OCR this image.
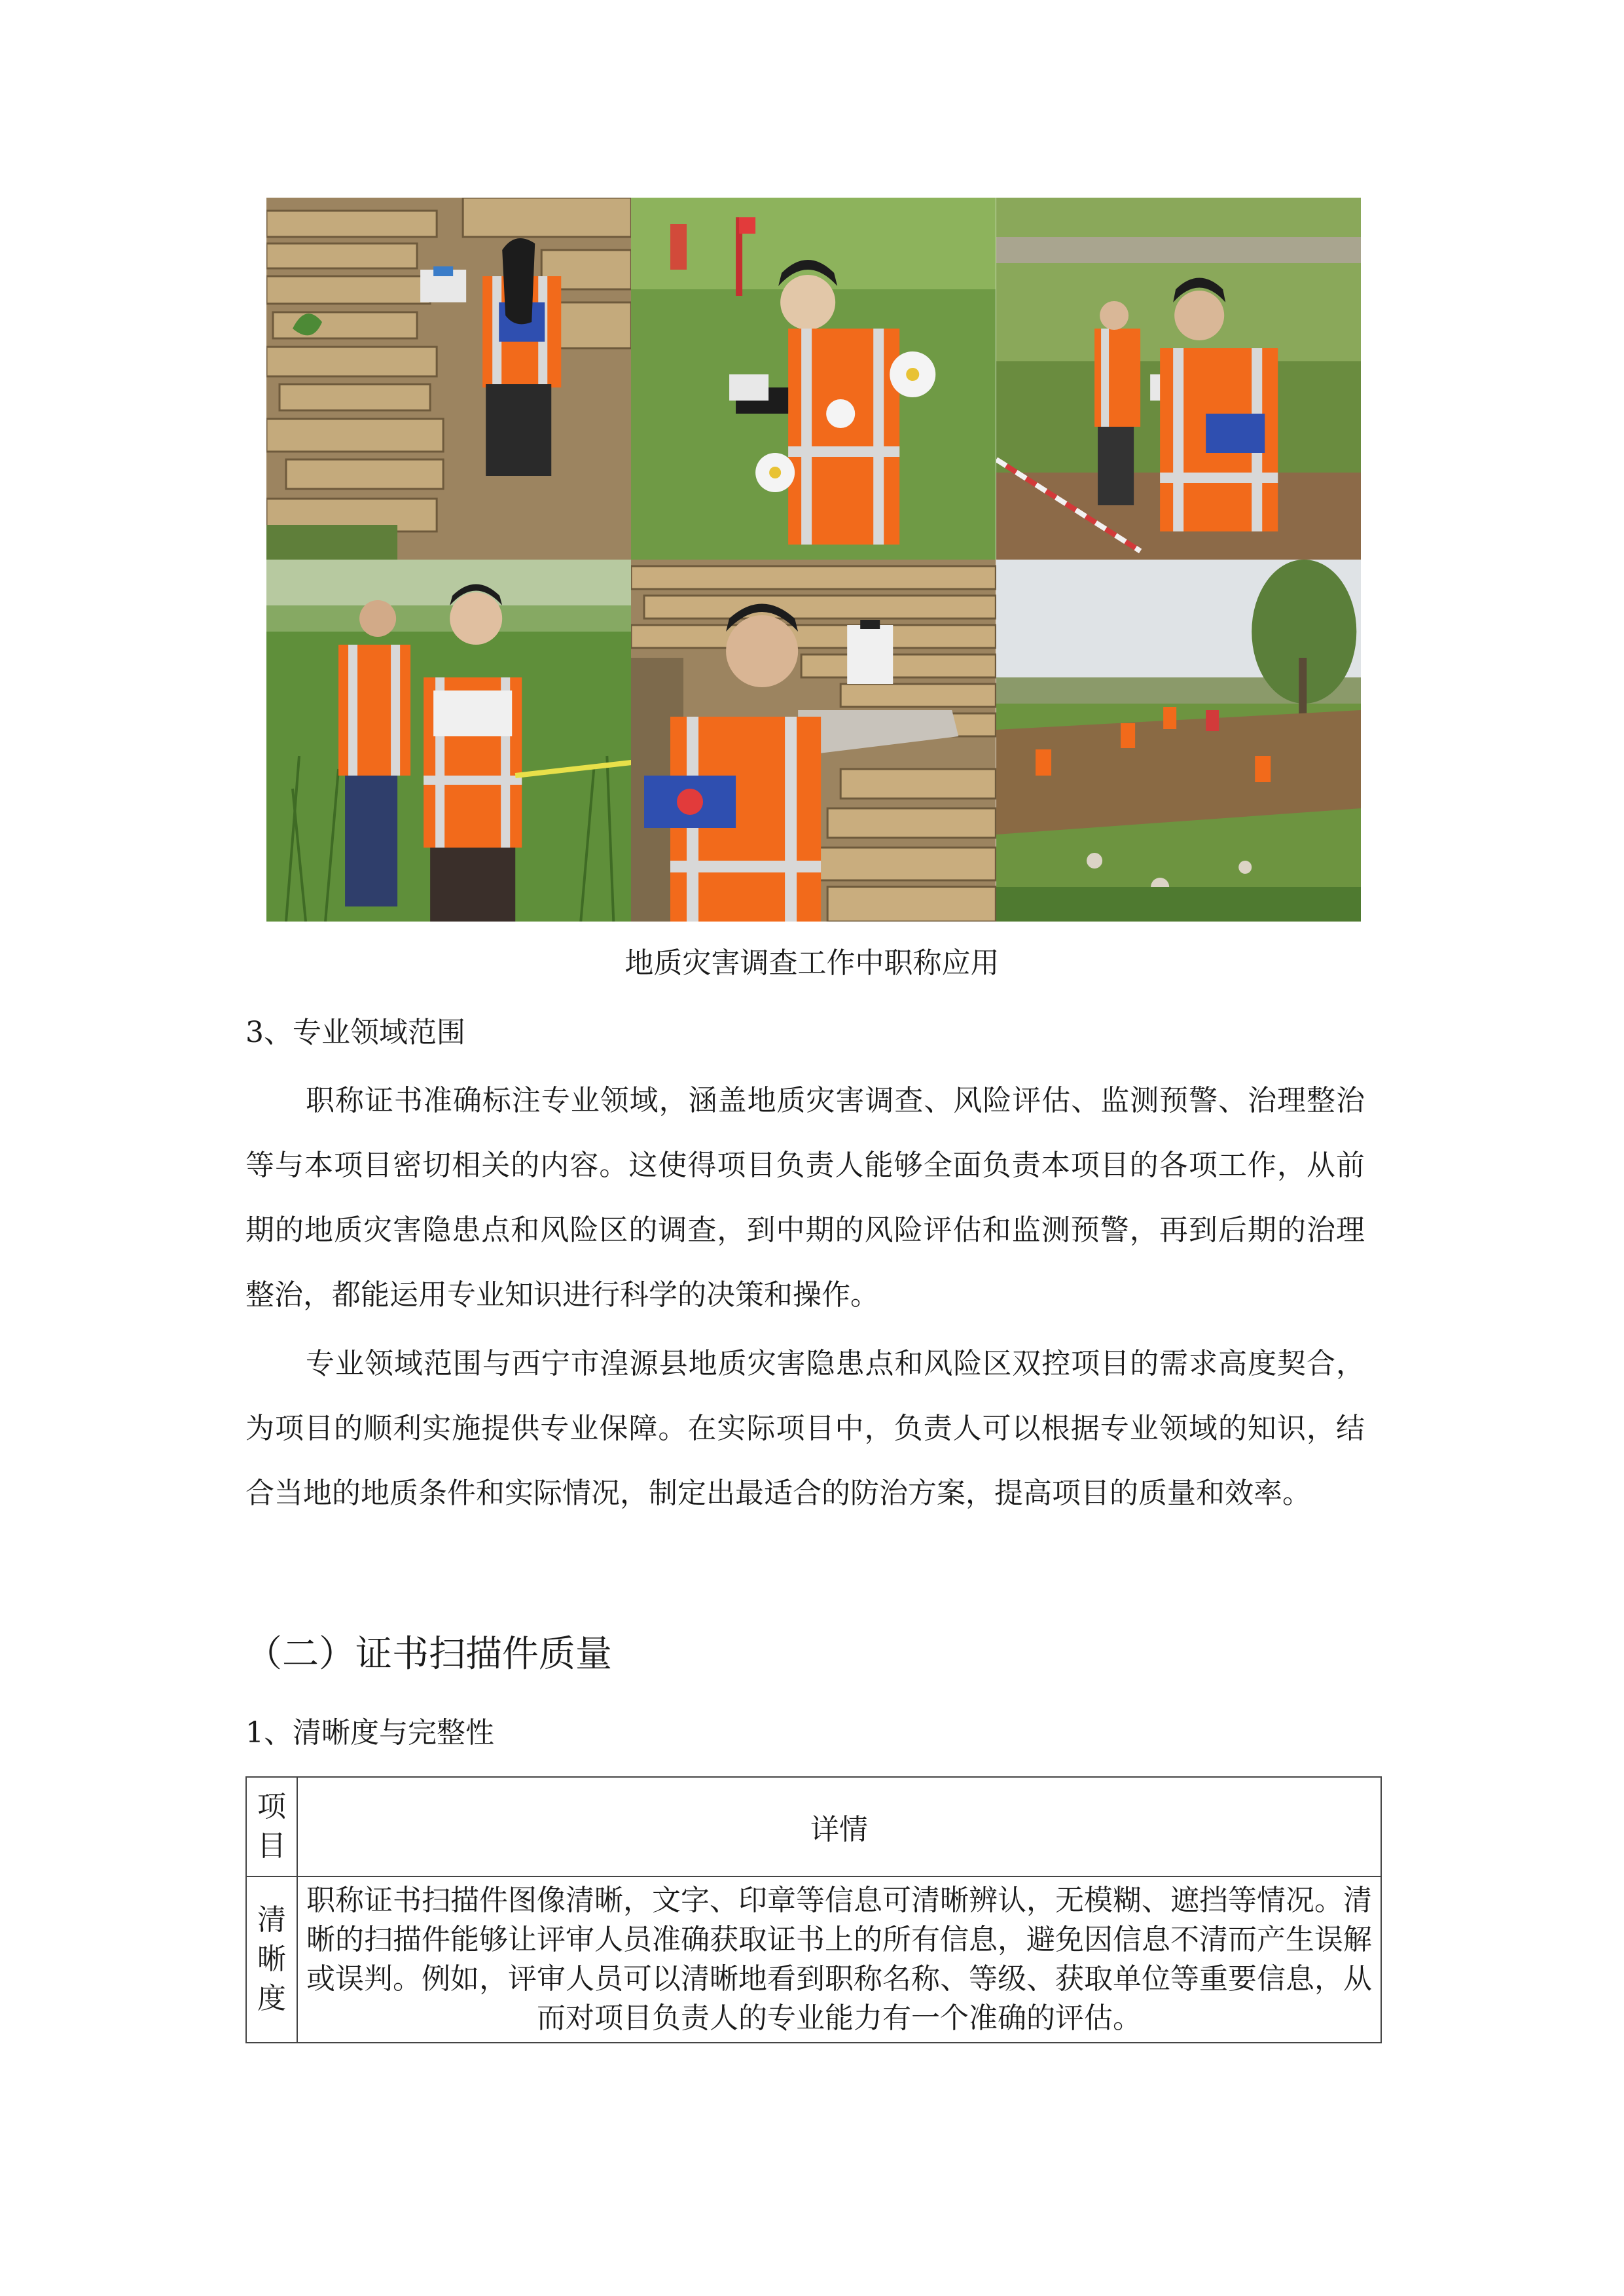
地质灾害调查工作中职称应用
3、专业领域范围

职称证书准确标注专业领域，涵盖地质灾害调查、风险评估、监测预警、治理整治等与本项目密切相关的内容。这使得项目负责人能够全面负责本项目的各项工作，从前期的地质灾害隐患点和风险区的调查，到中期的风险评估和监测预警，再到后期的治理整治，都能运用专业知识进行科学的决策和操作。

专业领域范围与西宁市湟源县地质灾害隐患点和风险区双控项目的需求高度契合，为项目的顺利实施提供专业保障。在实际项目中，负责人可以根据专业领域的知识，结合当地的地质条件和实际情况，制定出最适合的防治方案，提高项目的质量和效率。

（二）证书扫描件质量
1、清晰度与完整性
项目	详情
清晰度	职称证书扫描件图像清晰，文字、印章等信息可清晰辨认，无模糊、遮挡等情况。清晰的扫描件能够让评审人员准确获取证书上的所有信息，避免因信息不清而产生误解或误判。例如，评审人员可以清晰地看到职称名称、等级、获取单位等重要信息，从而对项目负责人的专业能力有一个准确的评估。
